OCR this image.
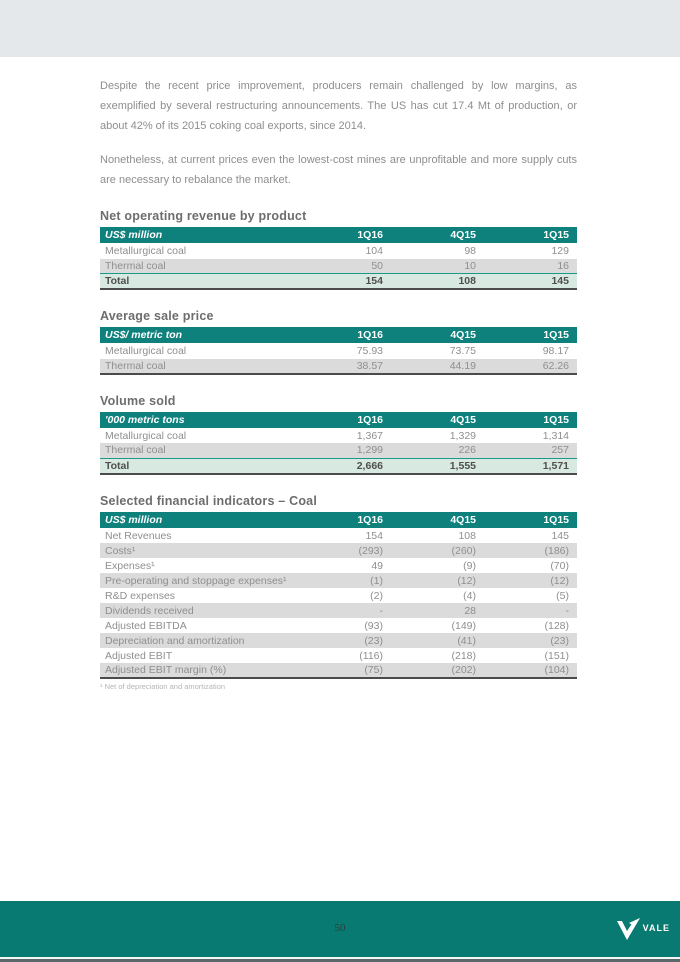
Despite the recent price improvement, producers remain challenged by low margins, as exemplified by several restructuring announcements. The US has cut 17.4 Mt of production, or about 42% of its 2015 coking coal exports, since 2014.

Nonetheless, at current prices even the lowest-cost mines are unprofitable and more supply cuts are necessary to rebalance the market.

Net operating revenue by product
US$ million	1Q16	4Q15	1Q15
Metallurgical coal	104	98	129
Thermal coal	50	10	16
Total	154	108	145
Average sale price
US$/ metric ton	1Q16	4Q15	1Q15
Metallurgical coal	75.93	73.75	98.17
Thermal coal	38.57	44.19	62.26
Volume sold
'000 metric tons	1Q16	4Q15	1Q15
Metallurgical coal	1,367	1,329	1,314
Thermal coal	1,299	226	257
Total	2,666	1,555	1,571
Selected financial indicators – Coal
US$ million	1Q16	4Q15	1Q15
Net Revenues	154	108	145
Costs¹	(293)	(260)	(186)
Expenses¹	49	(9)	(70)
Pre-operating and stoppage expenses¹	(1)	(12)	(12)
R&D expenses	(2)	(4)	(5)
Dividends received	-	28	-
Adjusted EBITDA	(93)	(149)	(128)
Depreciation and amortization	(23)	(41)	(23)
Adjusted EBIT	(116)	(218)	(151)
Adjusted EBIT margin (%)	(75)	(202)	(104)
¹ Net of depreciation and amortization
50	VALE
